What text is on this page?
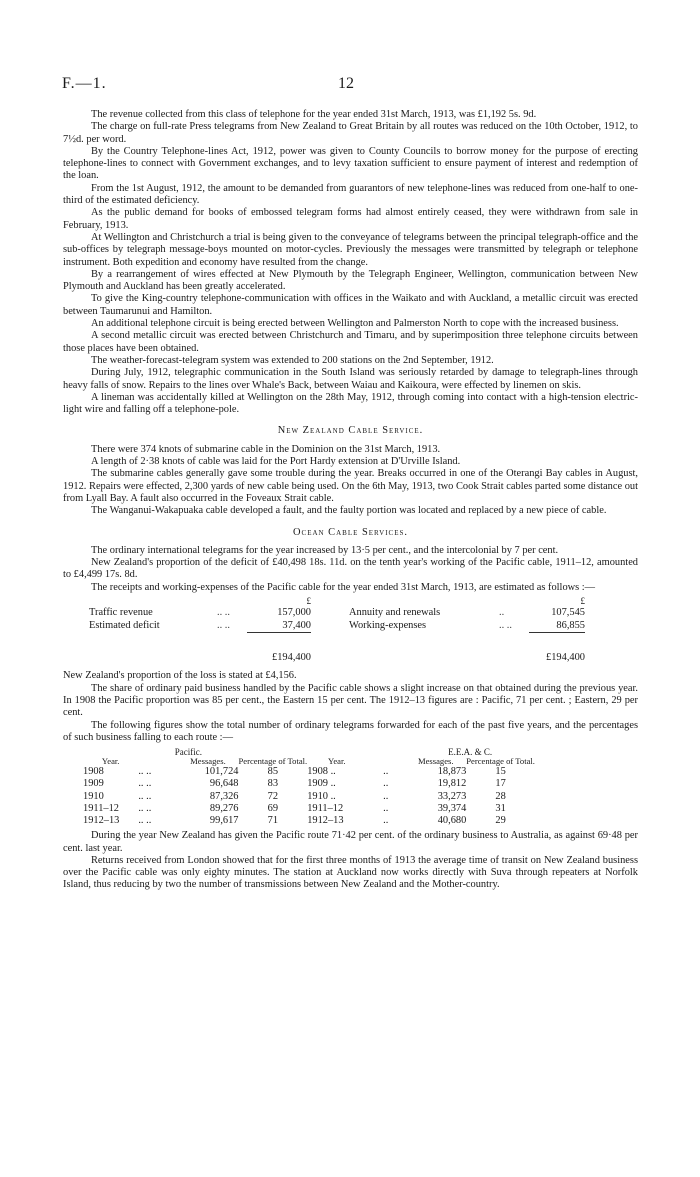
F.—1.	12

The revenue collected from this class of telephone for the year ended 31st March, 1913, was £1,192 5s. 9d.

The charge on full-rate Press telegrams from New Zealand to Great Britain by all routes was reduced on the 10th October, 1912, to 7½d. per word.

By the Country Telephone-lines Act, 1912, power was given to County Councils to borrow money for the purpose of erecting telephone-lines to connect with Government exchanges, and to levy taxation sufficient to ensure payment of interest and redemption of the loan.

From the 1st August, 1912, the amount to be demanded from guarantors of new telephone-lines was reduced from one-half to one-third of the estimated deficiency.

As the public demand for books of embossed telegram forms had almost entirely ceased, they were withdrawn from sale in February, 1913.

At Wellington and Christchurch a trial is being given to the conveyance of telegrams between the principal telegraph-office and the sub-offices by telegraph message-boys mounted on motor-cycles. Previously the messages were transmitted by telegraph or telephone instrument. Both expedition and economy have resulted from the change.

By a rearrangement of wires effected at New Plymouth by the Telegraph Engineer, Wellington, communication between New Plymouth and Auckland has been greatly accelerated.

To give the King-country telephone-communication with offices in the Waikato and with Auckland, a metallic circuit was erected between Taumarunui and Hamilton.

An additional telephone circuit is being erected between Wellington and Palmerston North to cope with the increased business.

A second metallic circuit was erected between Christchurch and Timaru, and by superimposition three telephone circuits between those places have been obtained.

The weather-forecast-telegram system was extended to 200 stations on the 2nd September, 1912.

During July, 1912, telegraphic communication in the South Island was seriously retarded by damage to telegraph-lines through heavy falls of snow. Repairs to the lines over Whale's Back, between Waiau and Kaikoura, were effected by linemen on skis.

A lineman was accidentally killed at Wellington on the 28th May, 1912, through coming into contact with a high-tension electric-light wire and falling off a telephone-pole.

New Zealand Cable Service.

There were 374 knots of submarine cable in the Dominion on the 31st March, 1913.

A length of 2·38 knots of cable was laid for the Port Hardy extension at D'Urville Island.

The submarine cables generally gave some trouble during the year. Breaks occurred in one of the Oterangi Bay cables in August, 1912. Repairs were effected, 2,300 yards of new cable being used. On the 6th May, 1913, two Cook Strait cables parted some distance out from Lyall Bay. A fault also occurred in the Foveaux Strait cable.

The Wanganui-Wakapuaka cable developed a fault, and the faulty portion was located and replaced by a new piece of cable.

Ocean Cable Services.

The ordinary international telegrams for the year increased by 13·5 per cent., and the intercolonial by 7 per cent.

New Zealand's proportion of the deficit of £40,498 18s. 11d. on the tenth year's working of the Pacific cable, 1911–12, amounted to £4,499 17s. 8d.

The receipts and working-expenses of the Pacific cable for the year ended 31st March, 1913, are estimated as follows :—

		£				£	
Traffic revenue	.. ..	157,000		Annuity and renewals	..	107,545	
Estimated deficit	.. ..	37,400		Working-expenses	.. ..	86,855	

		£194,400				£194,400	

New Zealand's proportion of the loss is stated at £4,156.

The share of ordinary paid business handled by the Pacific cable shows a slight increase on that obtained during the previous year. In 1908 the Pacific proportion was 85 per cent., the Eastern 15 per cent. The 1912–13 figures are : Pacific, 71 per cent. ; Eastern, 29 per cent.

The following figures show the total number of ordinary telegrams forwarded for each of the past five years, and the percentages of such business falling to each route :—

	Pacific.					E.E.A. & C.		
Year.		Messages.	Percentage of Total.	Year.		Messages.	Percentage of Total.	
1908	.. ..	101,724	85	1908 ..	..	18,873	15	
1909	.. ..	96,648	83	1909 ..	..	19,812	17	
1910	.. ..	87,326	72	1910 ..	..	33,273	28	
1911–12	.. ..	89,276	69	1911–12	..	39,374	31	
1912–13	.. ..	99,617	71	1912–13	..	40,680	29	

During the year New Zealand has given the Pacific route 71·42 per cent. of the ordinary business to Australia, as against 69·48 per cent. last year.

Returns received from London showed that for the first three months of 1913 the average time of transit on New Zealand business over the Pacific cable was only eighty minutes. The station at Auckland now works directly with Suva through repeaters at Norfolk Island, thus reducing by two the number of transmissions between New Zealand and the Mother-country.
